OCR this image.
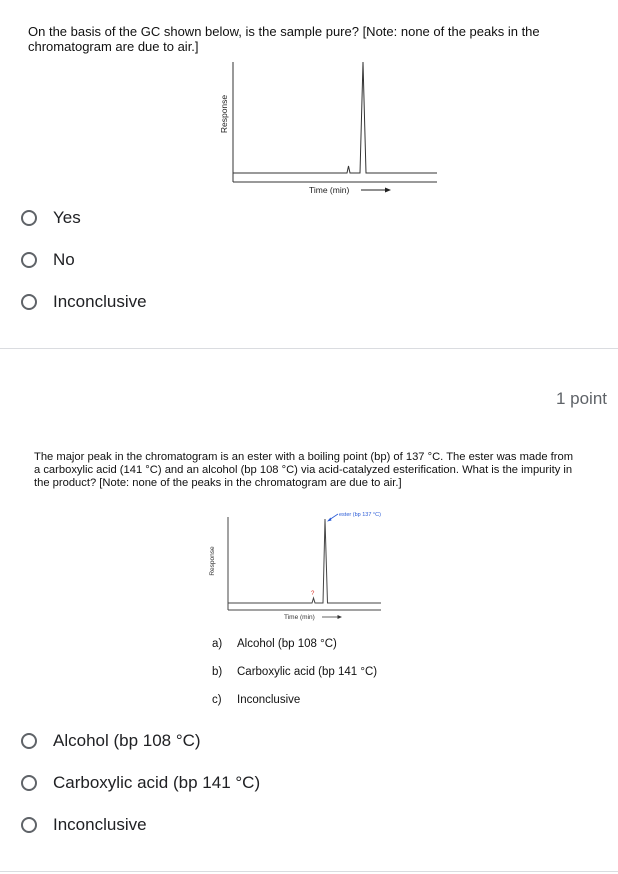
On the basis of the GC shown below, is the sample pure? [Note: none of the peaks in the chromatogram are due to air.]
Response
Time (min)
Yes
No
Inconclusive
1 point
The major peak in the chromatogram is an ester with a boiling point (bp) of 137 °C. The ester was made from a carboxylic acid (141 °C) and an alcohol (bp 108 °C) via acid-catalyzed esterification. What is the impurity in the product? [Note: none of the peaks in the chromatogram are due to air.]
Response
Time (min)
ester (bp 137 °C)
?
a) Alcohol (bp 108 °C)
b) Carboxylic acid (bp 141 °C)
c) Inconclusive
Alcohol (bp 108 °C)
Carboxylic acid (bp 141 °C)
Inconclusive
